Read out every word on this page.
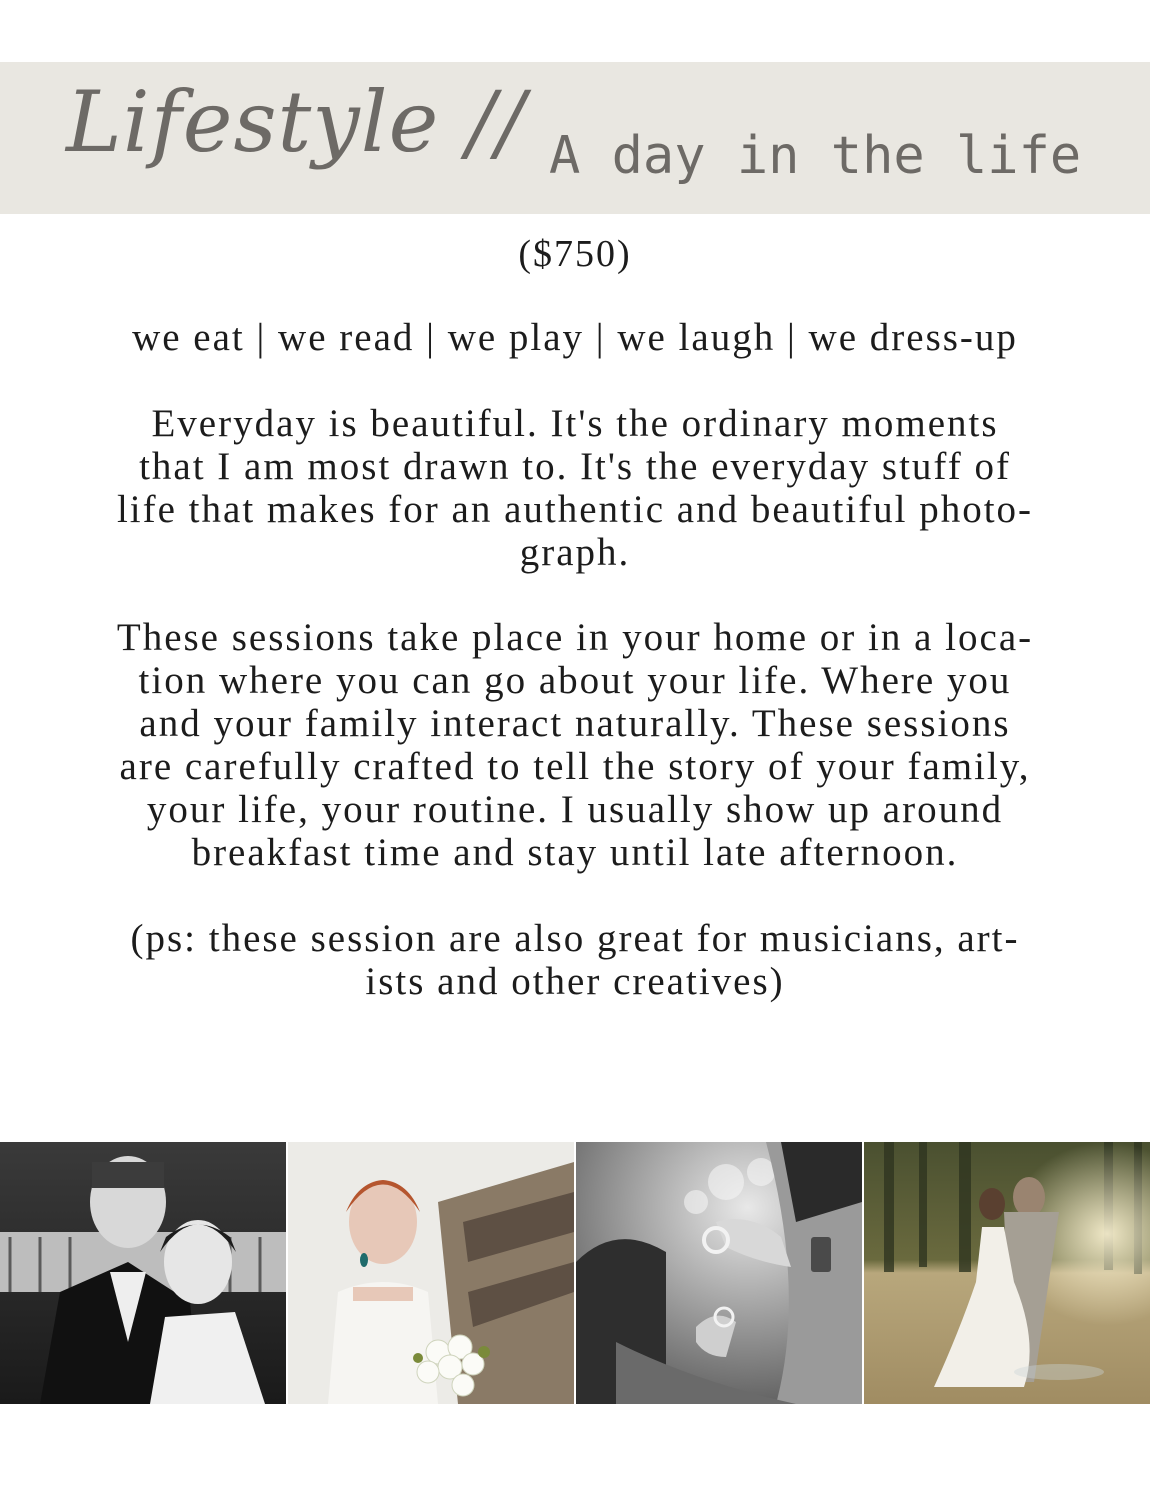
Lifestyle // A day in the life
($750)
we eat | we read | we play | we laugh | we dress-up
Everyday is beautiful. It's the ordinary moments
that I am most drawn to. It's the everyday stuff of
life that makes for an authentic and beautiful photo-
graph.
These sessions take place in your home or in a loca-
tion where you can go about your life. Where you
and your family interact naturally. These sessions
are carefully crafted to tell the story of your family,
your life, your routine. I usually show up around
breakfast time and stay until late afternoon.
(ps: these session are also great for musicians, art-
ists and other creatives)
